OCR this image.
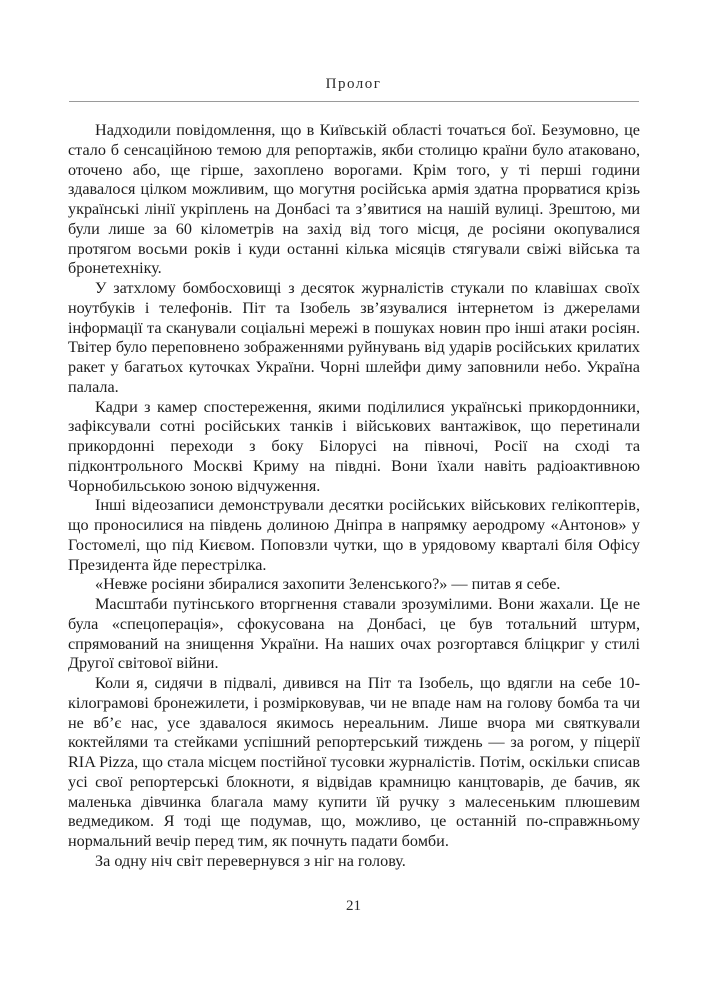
Пролог

Надходили повідомлення, що в Київській області точаться бої. Безумовно, це стало б сенсаційною темою для репортажів, якби столицю країни було атаковано, оточено або, ще гірше, захоплено ворогами. Крім того, у ті перші години здавалося цілком можливим, що могутня російська армія здатна прорватися крізь українські лінії укріплень на Донбасі та з’явитися на нашій вулиці. Зрештою, ми були лише за 60 кілометрів на захід від того місця, де росіяни окопувалися протягом восьми років і куди останні кілька місяців стягували свіжі війська та бронетехніку.

У затхлому бомбосховищі з десяток журналістів стукали по клавішах своїх ноутбуків і телефонів. Піт та Ізобель зв’язувалися інтернетом із джерелами інформації та сканували соціальні мережі в пошуках новин про інші атаки росіян. Твітер було переповнено зображеннями руйнувань від ударів російських крилатих ракет у багатьох куточках України. Чорні шлейфи диму заповнили небо. Україна палала.

Кадри з камер спостереження, якими поділилися українські прикордонники, зафіксували сотні російських танків і військових вантажівок, що перетинали прикордонні переходи з боку Білорусі на півночі, Росії на сході та підконтрольного Москві Криму на півдні. Вони їхали навіть радіоактивною Чорнобильською зоною відчуження.

Інші відеозаписи демонстрували десятки російських військових гелікоптерів, що проносилися на південь долиною Дніпра в напрямку аеродрому «Антонов» у Гостомелі, що під Києвом. Поповзли чутки, що в урядовому кварталі біля Офісу Президента йде перестрілка.

«Невже росіяни збиралися захопити Зеленського?» — питав я себе.

Масштаби путінського вторгнення ставали зрозумілими. Вони жахали. Це не була «спецоперація», сфокусована на Донбасі, це був тотальний штурм, спрямований на знищення України. На наших очах розгортався бліцкриг у стилі Другої світової війни.

Коли я, сидячи в підвалі, дивився на Піт та Ізобель, що вдягли на себе 10-кілограмові бронежилети, і розмірковував, чи не впаде нам на голову бомба та чи не вб’є нас, усе здавалося якимось нереальним. Лише вчора ми святкували коктейлями та стейками успішний репортерський тиждень — за рогом, у піцерії RIA Pizza, що стала місцем постійної тусовки журналістів. Потім, оскільки списав усі свої репортерські блокноти, я відвідав крамницю канцтоварів, де бачив, як маленька дівчинка благала маму купити їй ручку з малесеньким плюшевим ведмедиком. Я тоді ще подумав, що, можливо, це останній по-справжньому нормальний вечір перед тим, як почнуть падати бомби.

За одну ніч світ перевернувся з ніг на голову.

21
